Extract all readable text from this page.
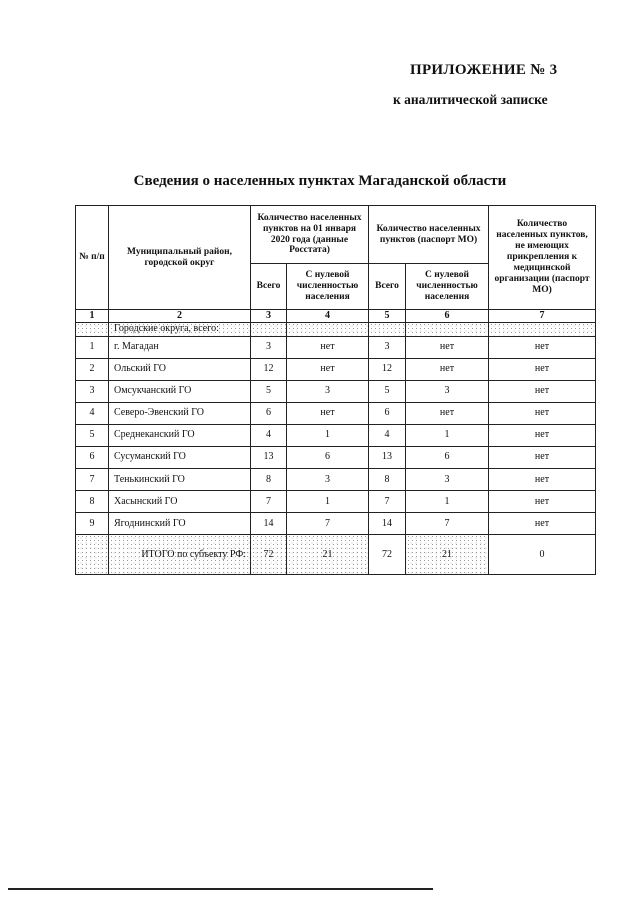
ПРИЛОЖЕНИЕ № 3
к аналитической записке
Сведения о населенных пунктах Магаданской области
№ п/п	Муниципальный район, городской округ	Количество населенных пунктов на 01 января 2020 года (данные Росстата)		Количество населенных пунктов (паспорт МО)		Количество населенных пунктов, не имеющих прикрепления к медицинской организации (паспорт МО)
		Всего	С нулевой численностью населения	Всего	С нулевой численностью населения	
1	2	3	4	5	6	7
	Городские округа, всего:					
1	г. Магадан	3	нет	3	нет	нет
2	Ольский ГО	12	нет	12	нет	нет
3	Омсукчанский ГО	5	3	5	3	нет
4	Северо-Эвенский ГО	6	нет	6	нет	нет
5	Среднеканский ГО	4	1	4	1	нет
6	Сусуманский ГО	13	6	13	6	нет
7	Тенькинский ГО	8	3	8	3	нет
8	Хасынский ГО	7	1	7	1	нет
9	Ягоднинский ГО	14	7	14	7	нет
	ИТОГО по субъекту РФ:	72	21	72	21	0
